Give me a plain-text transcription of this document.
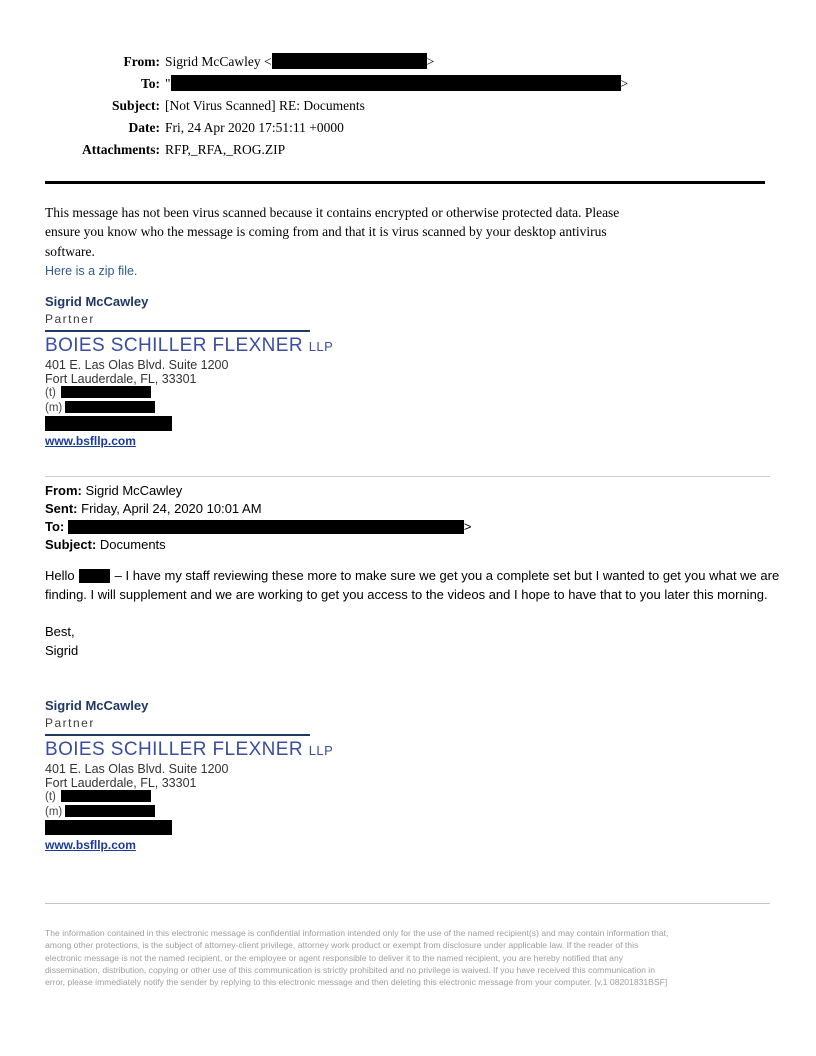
From: Sigrid McCawley <	>
To: "	>
Subject: [Not Virus Scanned] RE: Documents
Date: Fri, 24 Apr 2020 17:51:11 +0000
Attachments: RFP,_RFA,_ROG.ZIP
This message has not been virus scanned because it contains encrypted or otherwise protected data. Please
ensure you know who the message is coming from and that it is virus scanned by your desktop antivirus
software.
Here is a zip file.
Sigrid McCawley
Partner
BOIES SCHILLER FLEXNER LLP
401 E. Las Olas Blvd. Suite 1200
Fort Lauderdale, FL, 33301
(t)
(m)
www.bsfllp.com
From: Sigrid McCawley
Sent: Friday, April 24, 2020 10:01 AM
To:	>
Subject: Documents
Hello	– I have my staff reviewing these more to make sure we get you a complete set but I wanted to get you what we are finding. I will supplement and we are working to get you access to the videos and I hope to have that to you later this morning.
Best,
Sigrid
Sigrid McCawley
Partner
BOIES SCHILLER FLEXNER LLP
401 E. Las Olas Blvd. Suite 1200
Fort Lauderdale, FL, 33301
(t)
(m)
www.bsfllp.com
The information contained in this electronic message is confidential information intended only for the use of the named recipient(s) and may contain information that,
among other protections, is the subject of attorney-client privilege, attorney work product or exempt from disclosure under applicable law. If the reader of this
electronic message is not the named recipient, or the employee or agent responsible to deliver it to the named recipient, you are hereby notified that any
dissemination, distribution, copying or other use of this communication is strictly prohibited and no privilege is waived. If you have received this communication in
error, please immediately notify the sender by replying to this electronic message and then deleting this electronic message from your computer. [v.1 08201831BSF]
